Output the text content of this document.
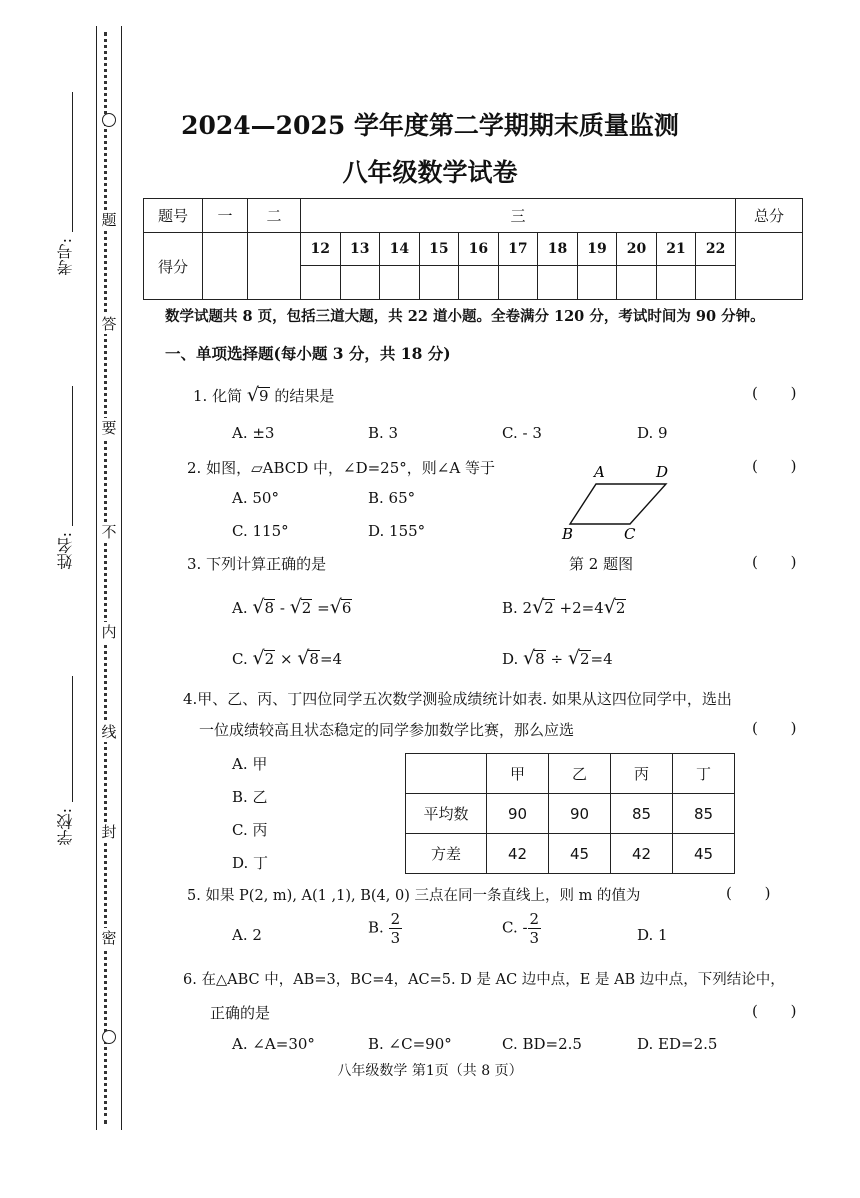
题
答
要
不
内
线
封
密
考号:
姓名:
学校:
2024—2025 学年度第二学期期末质量监测
八年级数学试卷
题号	一	二	三											总分
得分			12	13	14	15	16	17	18	19	20	21	22	

数学试题共 8 页，包括三道大题，共 22 道小题。全卷满分 120 分，考试时间为 90 分钟。
一、单项选择题(每小题 3 分，共 18 分)
1. 化简 √9 的结果是	( )
A. ±3	B. 3	C. - 3	D. 9
2. 如图，▱ABCD 中，∠D=25°，则∠A 等于	( )
A. 50°	B. 65°
C. 115°	D. 155°
A	D
B	C
3. 下列计算正确的是	第 2 题图	( )
A. √8 - √2 =√6	B. 2√2 +2=4√2
C. √2 × √8=4	D. √8 ÷ √2=4
4.甲、乙、丙、丁四位同学五次数学测验成绩统计如表. 如果从这四位同学中，选出
一位成绩较高且状态稳定的同学参加数学比赛，那么应选	( )
A. 甲
B. 乙
C. 丙
D. 丁
	甲	乙	丙	丁
平均数	90	90	85	85
方差	42	45	42	45
5. 如果 P(2, m), A(1 ,1), B(4, 0) 三点在同一条直线上，则 m 的值为	( )
A. 2	B. $\frac{2}{3}$	C. - $\frac{2}{3}$	D. 1
6. 在△ABC 中，AB=3，BC=4，AC=5. D 是 AC 边中点，E 是 AB 边中点，下列结论中，
正确的是	( )
A. ∠A=30°	B. ∠C=90°	C. BD=2.5	D. ED=2.5
八年级数学 第1页（共 8 页）
